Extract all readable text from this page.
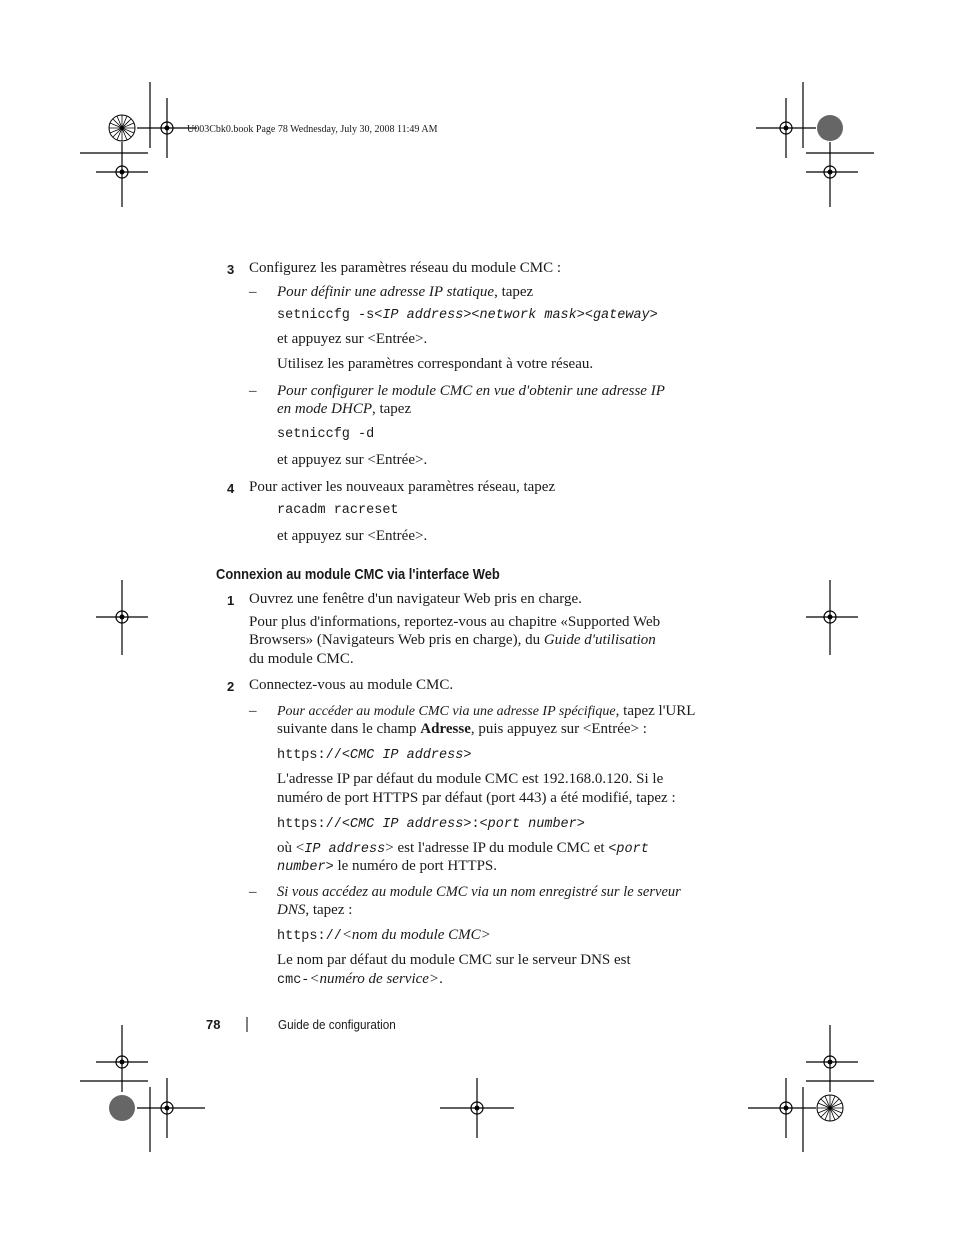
U003Cbk0.book Page 78 Wednesday, July 30, 2008 11:49 AM
3 Configurez les paramètres réseau du module CMC :
– Pour définir une adresse IP statique, tapez
setniccfg -s<IP address><network mask><gateway>
et appuyez sur <Entrée>.
Utilisez les paramètres correspondant à votre réseau.
– Pour configurer le module CMC en vue d'obtenir une adresse IP
en mode DHCP, tapez
setniccfg -d
et appuyez sur <Entrée>.
4 Pour activer les nouveaux paramètres réseau, tapez
racadm racreset
et appuyez sur <Entrée>.
Connexion au module CMC via l'interface Web
1 Ouvrez une fenêtre d'un navigateur Web pris en charge.
Pour plus d'informations, reportez-vous au chapitre «Supported Web
Browsers» (Navigateurs Web pris en charge), du Guide d'utilisation
du module CMC.
2 Connectez-vous au module CMC.
– Pour accéder au module CMC via une adresse IP spécifique, tapez l'URL
suivante dans le champ Adresse, puis appuyez sur <Entrée> :
https://<CMC IP address>
L'adresse IP par défaut du module CMC est 192.168.0.120. Si le
numéro de port HTTPS par défaut (port 443) a été modifié, tapez :
https://<CMC IP address>:<port number>
où <IP address> est l'adresse IP du module CMC et <port
number> le numéro de port HTTPS.
– Si vous accédez au module CMC via un nom enregistré sur le serveur
DNS, tapez :
https://<nom du module CMC>
Le nom par défaut du module CMC sur le serveur DNS est
cmc-<numéro de service>.
78	Guide de configuration
